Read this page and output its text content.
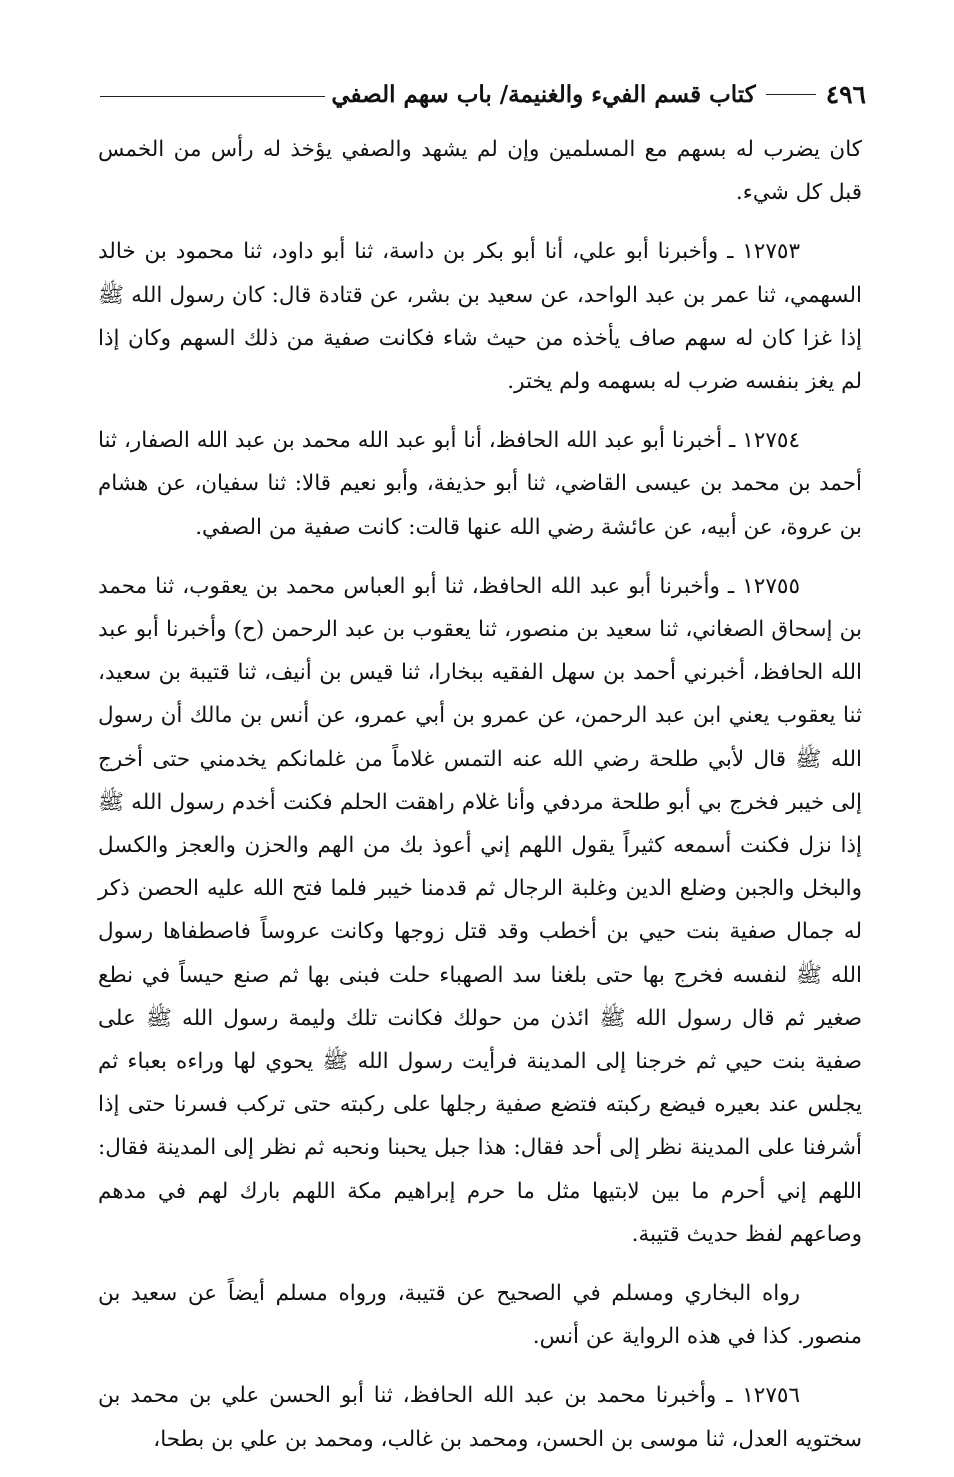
٤٩٦
كتاب قسم الفيء والغنيمة/ باب سهم الصفي

كان يضرب له بسهم مع المسلمين وإن لم يشهد والصفي يؤخذ له رأس من الخمس قبل كل شيء.

١٢٧٥٣ ـ وأخبرنا أبو علي، أنا أبو بكر بن داسة، ثنا أبو داود، ثنا محمود بن خالد السهمي، ثنا عمر بن عبد الواحد، عن سعيد بن بشر، عن قتادة قال: كان رسول الله ﷺ إذا غزا كان له سهم صاف يأخذه من حيث شاء فكانت صفية من ذلك السهم وكان إذا لم يغز بنفسه ضرب له بسهمه ولم يختر.

١٢٧٥٤ ـ أخبرنا أبو عبد الله الحافظ، أنا أبو عبد الله محمد بن عبد الله الصفار، ثنا أحمد بن محمد بن عيسى القاضي، ثنا أبو حذيفة، وأبو نعيم قالا: ثنا سفيان، عن هشام بن عروة، عن أبيه، عن عائشة رضي الله عنها قالت: كانت صفية من الصفي.

١٢٧٥٥ ـ وأخبرنا أبو عبد الله الحافظ، ثنا أبو العباس محمد بن يعقوب، ثنا محمد بن إسحاق الصغاني، ثنا سعيد بن منصور، ثنا يعقوب بن عبد الرحمن (ح) وأخبرنا أبو عبد الله الحافظ، أخبرني أحمد بن سهل الفقيه ببخارا، ثنا قيس بن أنيف، ثنا قتيبة بن سعيد، ثنا يعقوب يعني ابن عبد الرحمن، عن عمرو بن أبي عمرو، عن أنس بن مالك أن رسول الله ﷺ قال لأبي طلحة رضي الله عنه التمس غلاماً من غلمانكم يخدمني حتى أخرج إلى خيبر فخرج بي أبو طلحة مردفي وأنا غلام راهقت الحلم فكنت أخدم رسول الله ﷺ إذا نزل فكنت أسمعه كثيراً يقول اللهم إني أعوذ بك من الهم والحزن والعجز والكسل والبخل والجبن وضلع الدين وغلبة الرجال ثم قدمنا خيبر فلما فتح الله عليه الحصن ذكر له جمال صفية بنت حيي بن أخطب وقد قتل زوجها وكانت عروساً فاصطفاها رسول الله ﷺ لنفسه فخرج بها حتى بلغنا سد الصهباء حلت فبنى بها ثم صنع حيساً في نطع صغير ثم قال رسول الله ﷺ ائذن من حولك فكانت تلك وليمة رسول الله ﷺ على صفية بنت حيي ثم خرجنا إلى المدينة فرأيت رسول الله ﷺ يحوي لها وراءه بعباء ثم يجلس عند بعيره فيضع ركبته فتضع صفية رجلها على ركبته حتى تركب فسرنا حتى إذا أشرفنا على المدينة نظر إلى أحد فقال: هذا جبل يحبنا ونحبه ثم نظر إلى المدينة فقال: اللهم إني أحرم ما بين لابتيها مثل ما حرم إبراهيم مكة اللهم بارك لهم في مدهم وصاعهم لفظ حديث قتيبة.

رواه البخاري ومسلم في الصحيح عن قتيبة، ورواه مسلم أيضاً عن سعيد بن منصور. كذا في هذه الرواية عن أنس.

١٢٧٥٦ ـ وأخبرنا محمد بن عبد الله الحافظ، ثنا أبو الحسن علي بن محمد بن سختويه العدل، ثنا موسى بن الحسن، ومحمد بن غالب، ومحمد بن علي بن بطحا،
